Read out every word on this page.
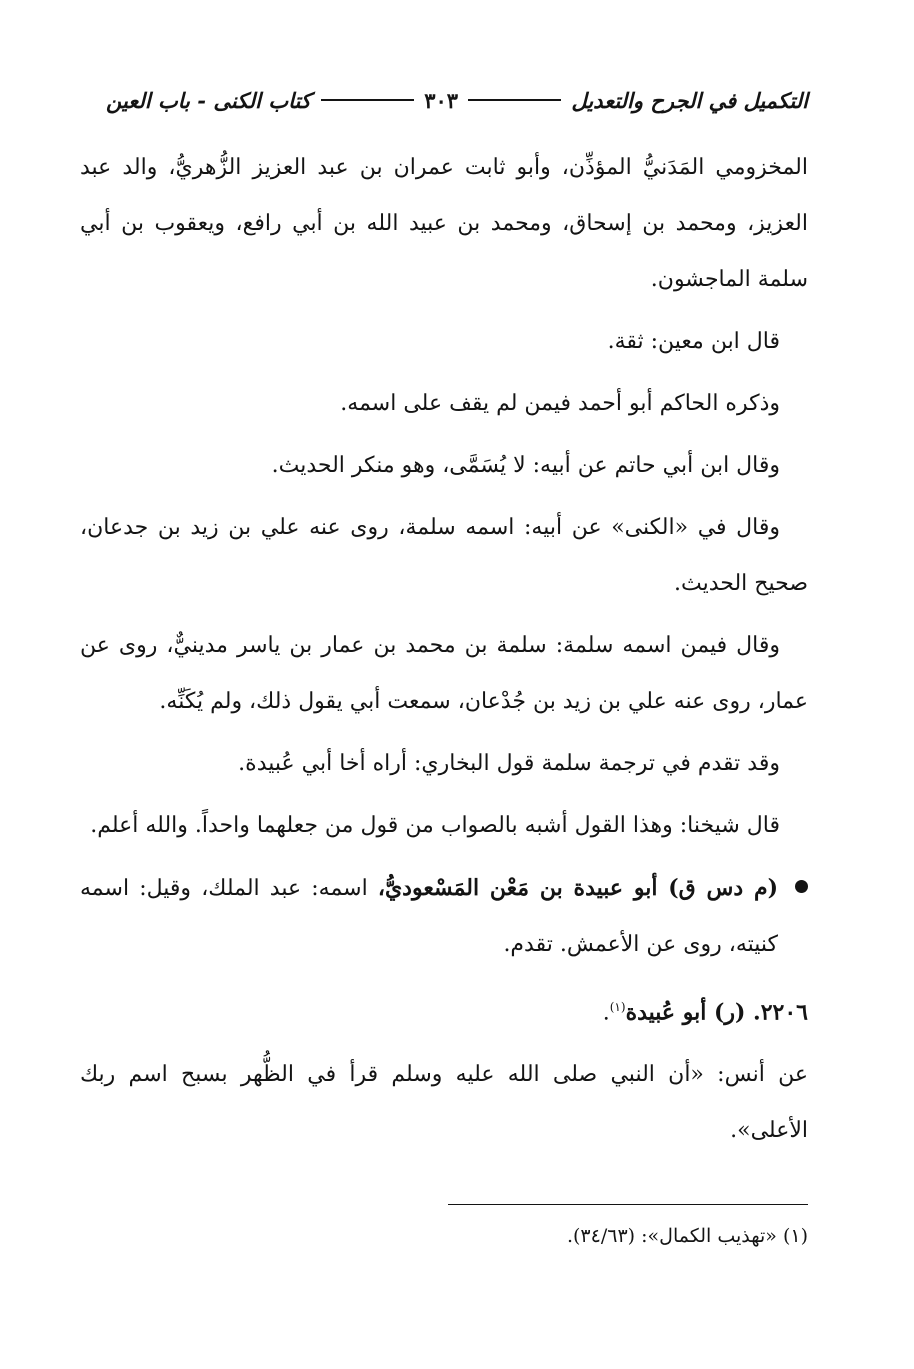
التكميل في الجرح والتعديل
٣٠٣
كتاب الكنى - باب العين

المخزومي المَدَنيُّ المؤذِّن، وأبو ثابت عمران بن عبد العزيز الزُّهريُّ، والد عبد العزيز، ومحمد بن إسحاق، ومحمد بن عبيد الله بن أبي رافع، ويعقوب بن أبي سلمة الماجشون.

قال ابن معين: ثقة.

وذكره الحاكم أبو أحمد فيمن لم يقف على اسمه.

وقال ابن أبي حاتم عن أبيه: لا يُسَمَّى، وهو منكر الحديث.

وقال في «الكنى» عن أبيه: اسمه سلمة، روى عنه علي بن زيد بن جدعان، صحيح الحديث.

وقال فيمن اسمه سلمة: سلمة بن محمد بن عمار بن ياسر مدينيٌّ، روى عن عمار، روى عنه علي بن زيد بن جُدْعان، سمعت أبي يقول ذلك، ولم يُكَنِّه.

وقد تقدم في ترجمة سلمة قول البخاري: أراه أخا أبي عُبيدة.

قال شيخنا: وهذا القول أشبه بالصواب من قول من جعلهما واحداً. والله أعلم.

(م دس ق) أبو عبيدة بن مَعْن المَسْعوديُّ، اسمه: عبد الملك، وقيل: اسمه كنيته، روى عن الأعمش. تقدم.

٢٢٠٦. (ر) أبو عُبيدة$^{(١)}$.

عن أنس: «أن النبي صلى الله عليه وسلم قرأ في الظُّهر بسبح اسم ربك الأعلى».

(١) «تهذيب الكمال»: (٣٤/٦٣).
